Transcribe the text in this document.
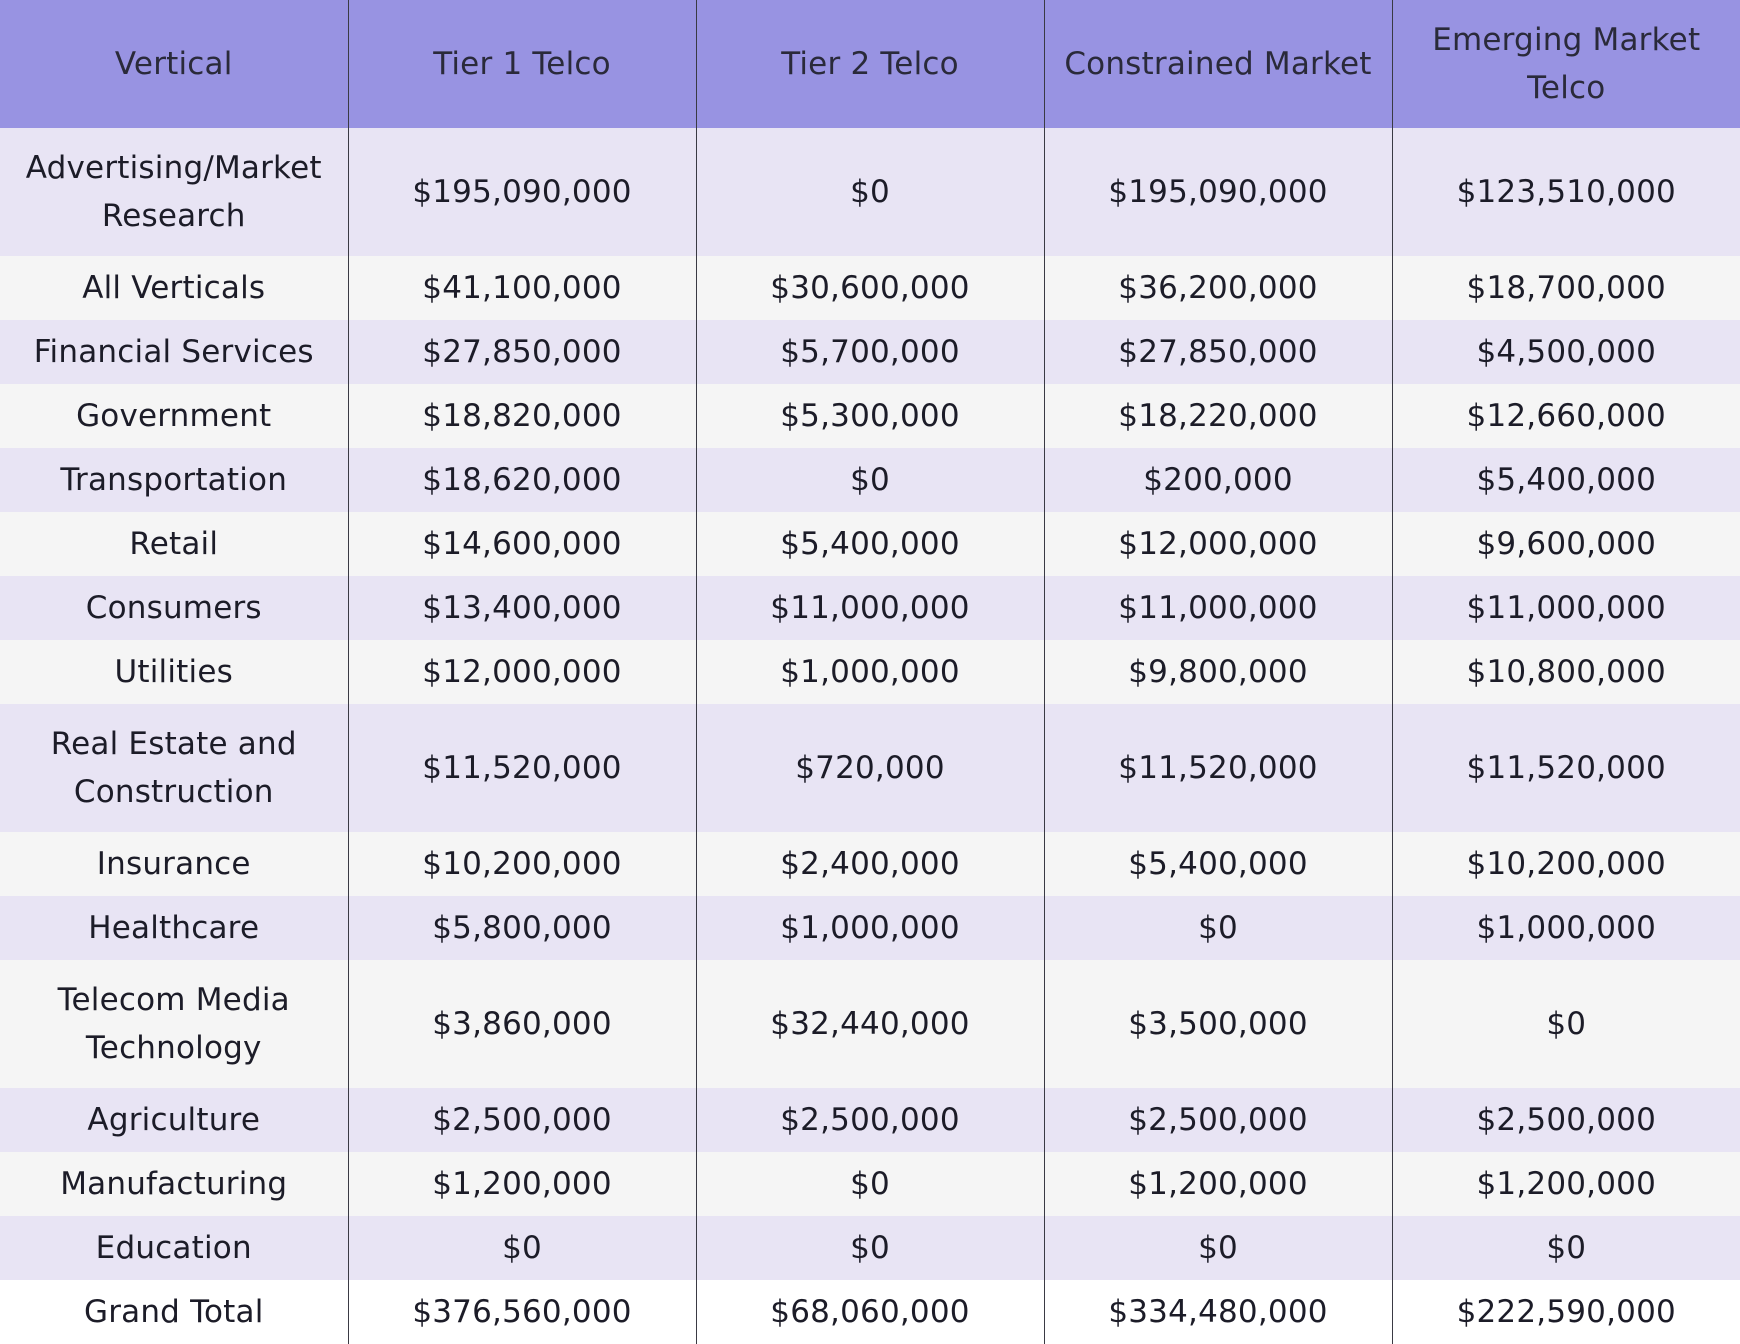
Vertical	Tier 1 Telco	Tier 2 Telco	Constrained Market	Emerging Market Telco
Advertising/Market Research	$195,090,000	$0	$195,090,000	$123,510,000
All Verticals	$41,100,000	$30,600,000	$36,200,000	$18,700,000
Financial Services	$27,850,000	$5,700,000	$27,850,000	$4,500,000
Government	$18,820,000	$5,300,000	$18,220,000	$12,660,000
Transportation	$18,620,000	$0	$200,000	$5,400,000
Retail	$14,600,000	$5,400,000	$12,000,000	$9,600,000
Consumers	$13,400,000	$11,000,000	$11,000,000	$11,000,000
Utilities	$12,000,000	$1,000,000	$9,800,000	$10,800,000
Real Estate and Construction	$11,520,000	$720,000	$11,520,000	$11,520,000
Insurance	$10,200,000	$2,400,000	$5,400,000	$10,200,000
Healthcare	$5,800,000	$1,000,000	$0	$1,000,000
Telecom Media Technology	$3,860,000	$32,440,000	$3,500,000	$0
Agriculture	$2,500,000	$2,500,000	$2,500,000	$2,500,000
Manufacturing	$1,200,000	$0	$1,200,000	$1,200,000
Education	$0	$0	$0	$0
Grand Total	$376,560,000	$68,060,000	$334,480,000	$222,590,000
